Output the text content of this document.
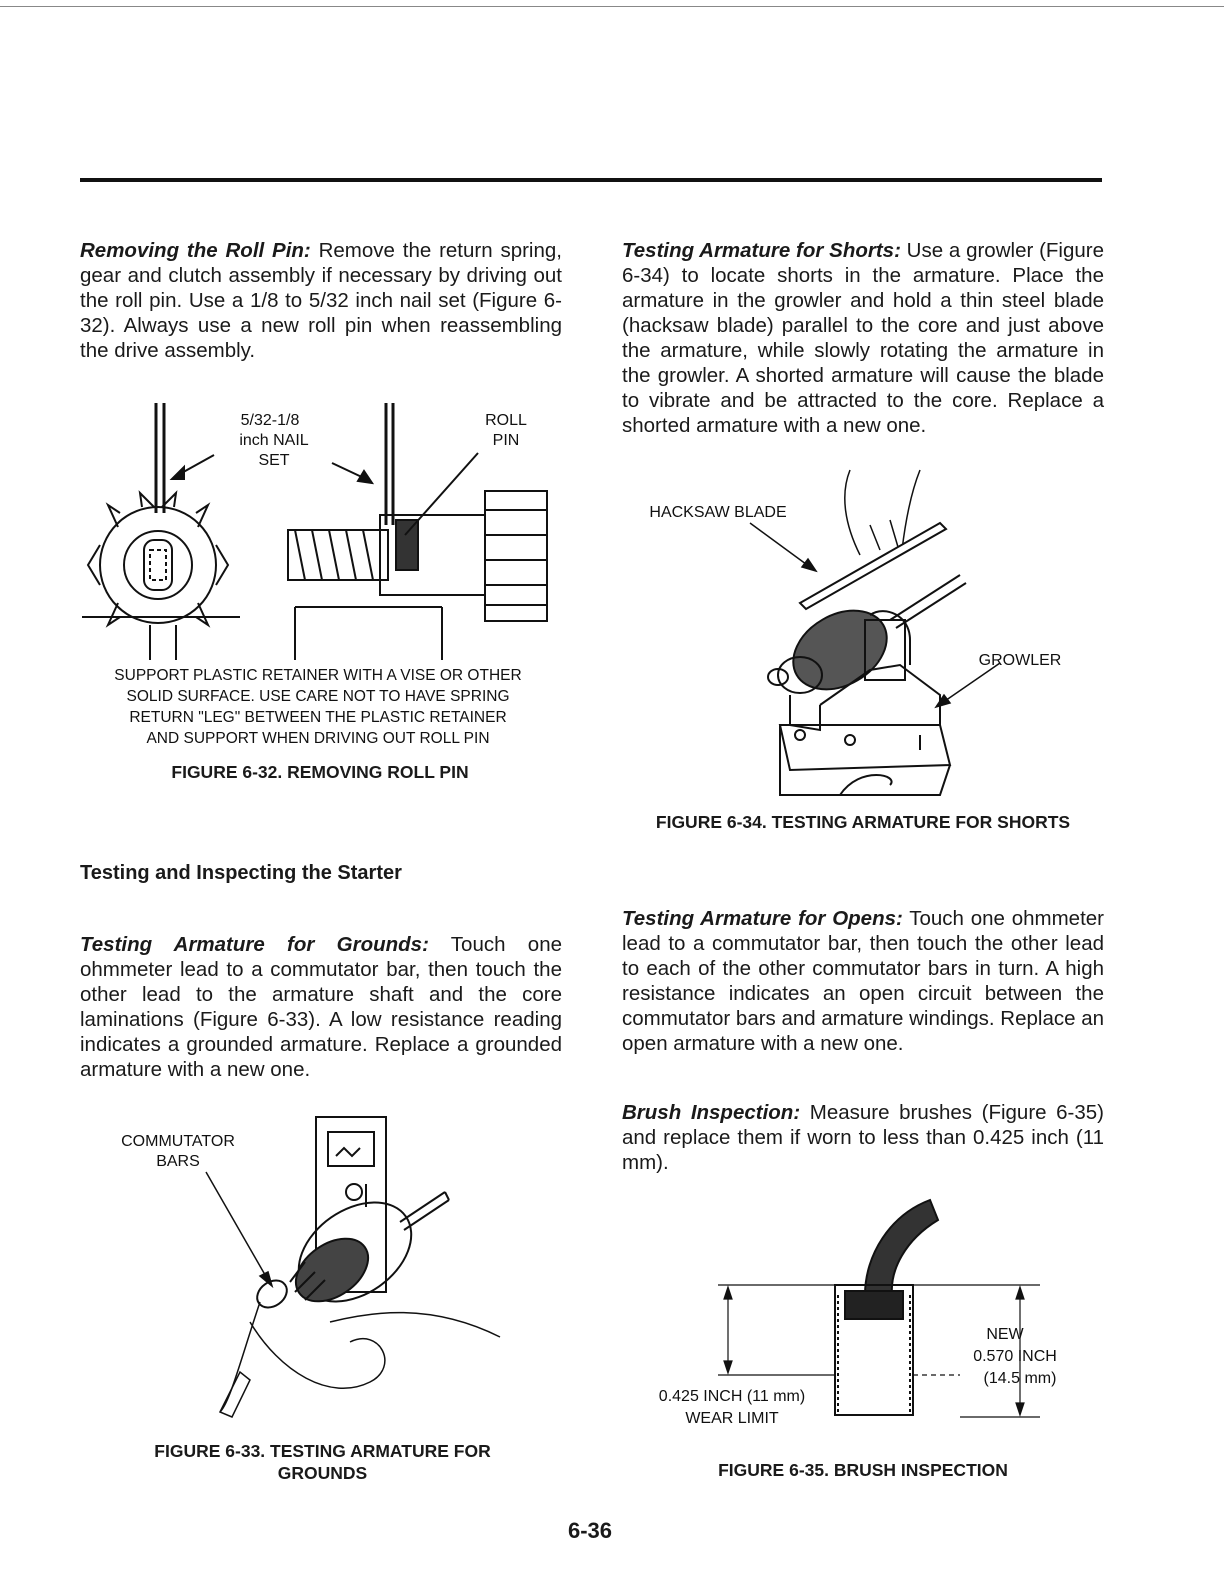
Removing the Roll Pin: Remove the return spring, gear and clutch assembly if necessary by driving out the roll pin. Use a 1/8 to 5/32 inch nail set (Figure 6-32). Always use a new roll pin when reassembling the drive assembly.
5/32-1/8
inch NAIL
SET
ROLL
PIN
SUPPORT PLASTIC RETAINER WITH A VISE OR OTHER
SOLID SURFACE. USE CARE NOT TO HAVE SPRING
RETURN "LEG" BETWEEN THE PLASTIC RETAINER
AND SUPPORT WHEN DRIVING OUT ROLL PIN
FIGURE 6-32. REMOVING ROLL PIN
Testing and Inspecting the Starter
Testing Armature for Grounds: Touch one ohmmeter lead to a commutator bar, then touch the other lead to the armature shaft and the core laminations (Figure 6-33). A low resistance reading indicates a grounded armature. Replace a grounded armature with a new one.
COMMUTATOR
BARS
FIGURE 6-33. TESTING ARMATURE FOR
GROUNDS
Testing Armature for Shorts: Use a growler (Figure 6-34) to locate shorts in the armature. Place the armature in the growler and hold a thin steel blade (hacksaw blade) parallel to the core and just above the armature, while slowly rotating the armature in the growler. A shorted armature will cause the blade to vibrate and be attracted to the core. Replace a shorted armature with a new one.
HACKSAW BLADE
GROWLER
FIGURE 6-34. TESTING ARMATURE FOR SHORTS
Testing Armature for Opens: Touch one ohmmeter lead to a commutator bar, then touch the other lead to each of the other commutator bars in turn. A high resistance indicates an open circuit between the commutator bars and armature windings. Replace an open armature with a new one.
Brush Inspection: Measure brushes (Figure 6-35) and replace them if worn to less than 0.425 inch (11 mm).
NEW
0.570 INCH
(14.5 mm)
0.425 INCH (11 mm)
WEAR LIMIT
FIGURE 6-35. BRUSH INSPECTION
6-36
